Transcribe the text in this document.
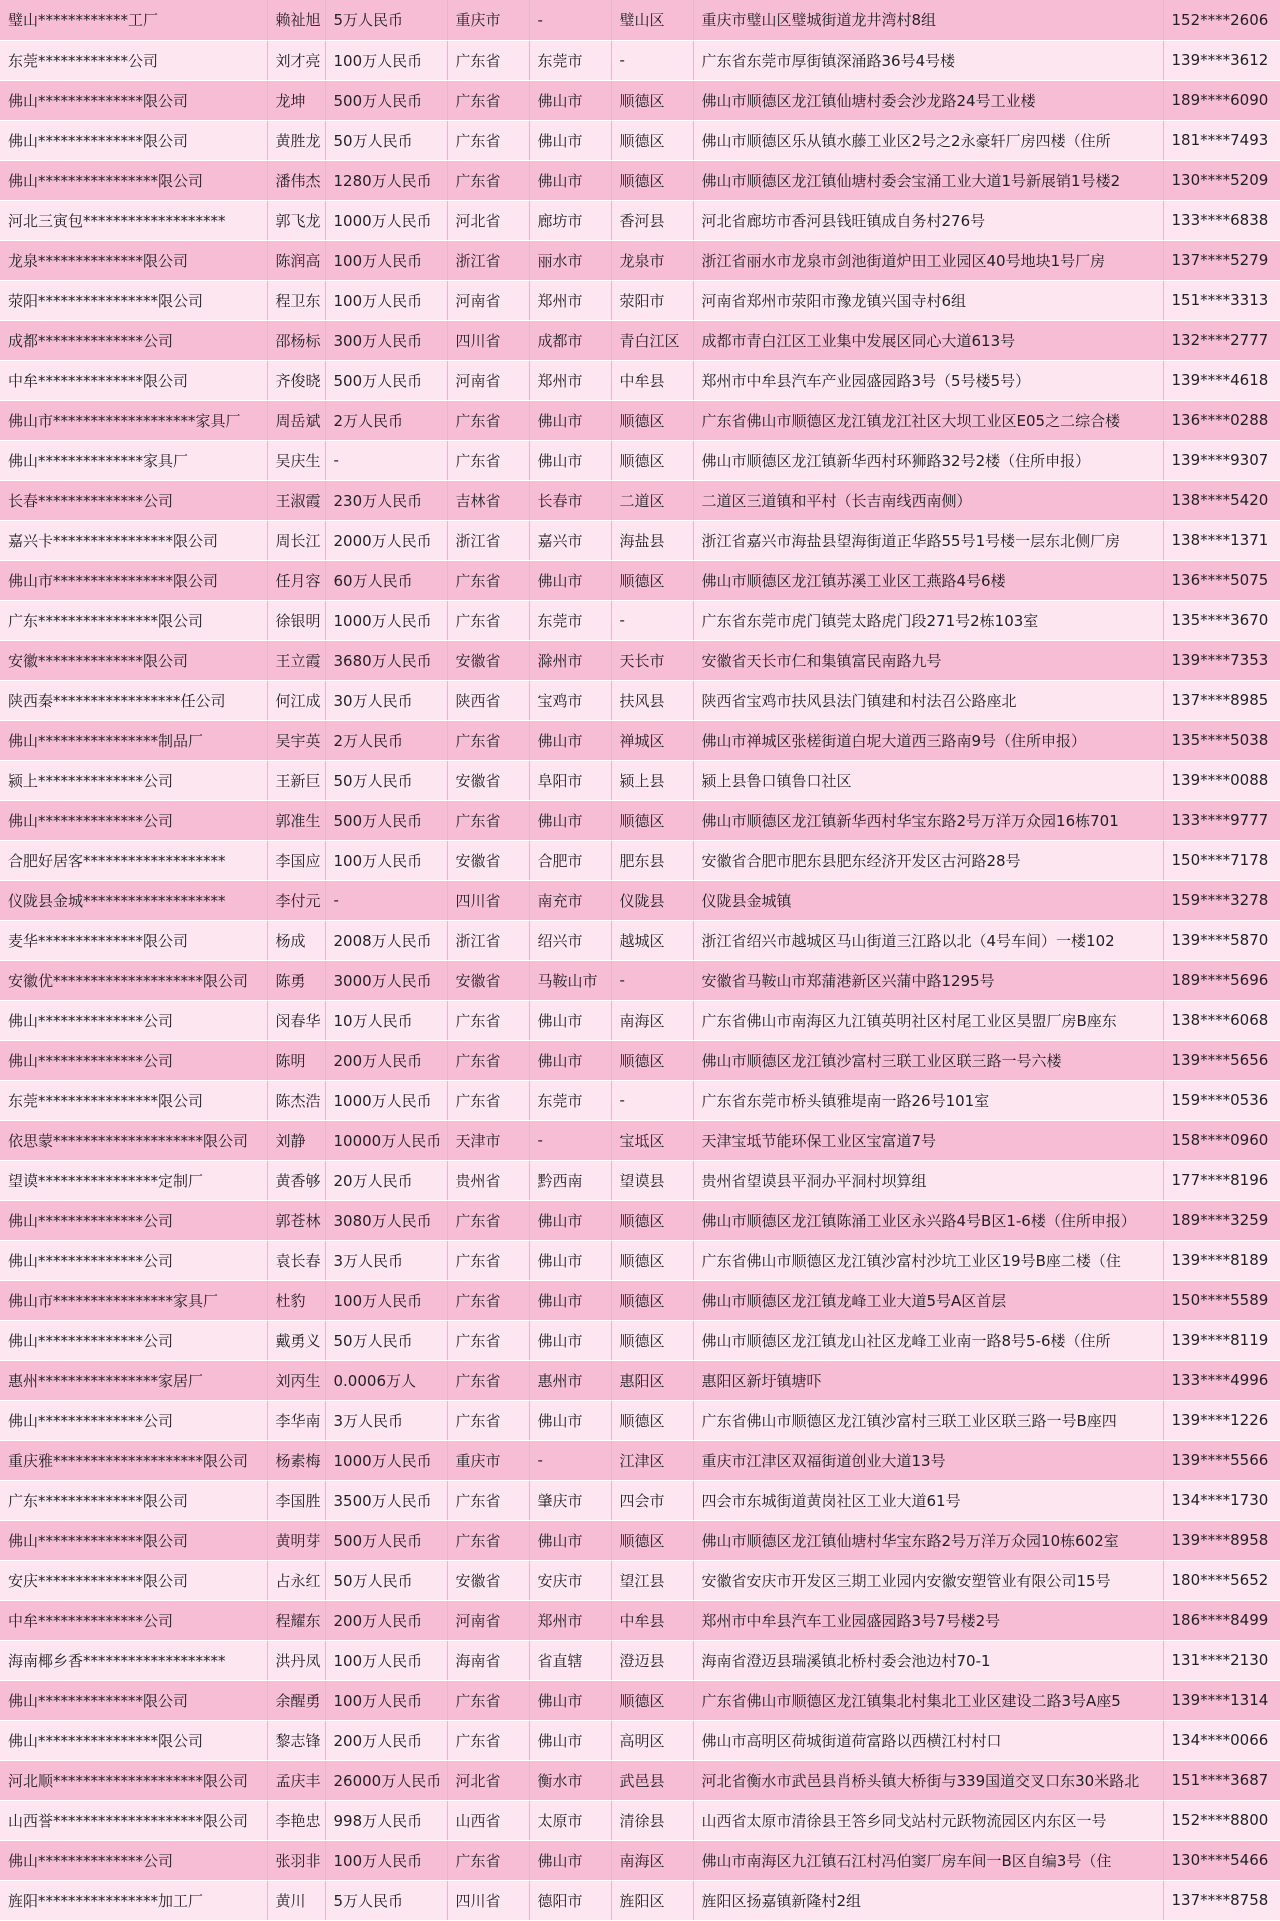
璧山************工厂	赖祉旭	5万人民币	重庆市	-	璧山区	重庆市璧山区璧城街道龙井湾村8组	152****2606
东莞************公司	刘才亮	100万人民币	广东省	东莞市	-	广东省东莞市厚街镇深涌路36号4号楼	139****3612
佛山**************限公司	龙坤	500万人民币	广东省	佛山市	顺德区	佛山市顺德区龙江镇仙塘村委会沙龙路24号工业楼	189****6090
佛山**************限公司	黄胜龙	50万人民币	广东省	佛山市	顺德区	佛山市顺德区乐从镇水藤工业区2号之2永豪轩厂房四楼（住所	181****7493
佛山****************限公司	潘伟杰	1280万人民币	广东省	佛山市	顺德区	佛山市顺德区龙江镇仙塘村委会宝涌工业大道1号新展销1号楼2	130****5209
河北三寅包*******************	郭飞龙	1000万人民币	河北省	廊坊市	香河县	河北省廊坊市香河县钱旺镇成自务村276号	133****6838
龙泉**************限公司	陈润高	100万人民币	浙江省	丽水市	龙泉市	浙江省丽水市龙泉市剑池街道炉田工业园区40号地块1号厂房	137****5279
荥阳****************限公司	程卫东	100万人民币	河南省	郑州市	荥阳市	河南省郑州市荥阳市豫龙镇兴国寺村6组	151****3313
成都**************公司	邵杨标	300万人民币	四川省	成都市	青白江区	成都市青白江区工业集中发展区同心大道613号	132****2777
中牟**************限公司	齐俊晓	500万人民币	河南省	郑州市	中牟县	郑州市中牟县汽车产业园盛园路3号（5号楼5号）	139****4618
佛山市*******************家具厂	周岳斌	2万人民币	广东省	佛山市	顺德区	广东省佛山市顺德区龙江镇龙江社区大坝工业区E05之二综合楼	136****0288
佛山**************家具厂	吴庆生	-	广东省	佛山市	顺德区	佛山市顺德区龙江镇新华西村环狮路32号2楼（住所申报）	139****9307
长春**************公司	王淑霞	230万人民币	吉林省	长春市	二道区	二道区三道镇和平村（长吉南线西南侧）	138****5420
嘉兴卡****************限公司	周长江	2000万人民币	浙江省	嘉兴市	海盐县	浙江省嘉兴市海盐县望海街道正华路55号1号楼一层东北侧厂房	138****1371
佛山市****************限公司	任月容	60万人民币	广东省	佛山市	顺德区	佛山市顺德区龙江镇苏溪工业区工燕路4号6楼	136****5075
广东****************限公司	徐银明	1000万人民币	广东省	东莞市	-	广东省东莞市虎门镇莞太路虎门段271号2栋103室	135****3670
安徽**************限公司	王立霞	3680万人民币	安徽省	滁州市	天长市	安徽省天长市仁和集镇富民南路九号	139****7353
陕西秦*****************任公司	何江成	30万人民币	陕西省	宝鸡市	扶风县	陕西省宝鸡市扶风县法门镇建和村法召公路座北	137****8985
佛山****************制品厂	吴宇英	2万人民币	广东省	佛山市	禅城区	佛山市禅城区张槎街道白坭大道西三路南9号（住所申报）	135****5038
颍上**************公司	王新巨	50万人民币	安徽省	阜阳市	颍上县	颍上县鲁口镇鲁口社区	139****0088
佛山**************公司	郭准生	500万人民币	广东省	佛山市	顺德区	佛山市顺德区龙江镇新华西村华宝东路2号万洋万众园16栋701	133****9777
合肥好居客*******************	李国应	100万人民币	安徽省	合肥市	肥东县	安徽省合肥市肥东县肥东经济开发区古河路28号	150****7178
仪陇县金城*******************	李付元	-	四川省	南充市	仪陇县	仪陇县金城镇	159****3278
麦华**************限公司	杨成	2008万人民币	浙江省	绍兴市	越城区	浙江省绍兴市越城区马山街道三江路以北（4号车间）一楼102	139****5870
安徽优********************限公司	陈勇	3000万人民币	安徽省	马鞍山市	-	安徽省马鞍山市郑蒲港新区兴蒲中路1295号	189****5696
佛山**************公司	闵春华	10万人民币	广东省	佛山市	南海区	广东省佛山市南海区九江镇英明社区村尾工业区昊盟厂房B座东	138****6068
佛山**************公司	陈明	200万人民币	广东省	佛山市	顺德区	佛山市顺德区龙江镇沙富村三联工业区联三路一号六楼	139****5656
东莞****************限公司	陈杰浩	1000万人民币	广东省	东莞市	-	广东省东莞市桥头镇雅堤南一路26号101室	159****0536
依思蒙********************限公司	刘静	10000万人民币	天津市	-	宝坻区	天津宝坻节能环保工业区宝富道7号	158****0960
望谟****************定制厂	黄香够	20万人民币	贵州省	黔西南	望谟县	贵州省望谟县平洞办平洞村坝算组	177****8196
佛山**************公司	郭苍林	3080万人民币	广东省	佛山市	顺德区	佛山市顺德区龙江镇陈涌工业区永兴路4号B区1-6楼（住所申报）	189****3259
佛山**************公司	袁长春	3万人民币	广东省	佛山市	顺德区	广东省佛山市顺德区龙江镇沙富村沙坑工业区19号B座二楼（住	139****8189
佛山市****************家具厂	杜豹	100万人民币	广东省	佛山市	顺德区	佛山市顺德区龙江镇龙峰工业大道5号A区首层	150****5589
佛山**************公司	戴勇义	50万人民币	广东省	佛山市	顺德区	佛山市顺德区龙江镇龙山社区龙峰工业南一路8号5-6楼（住所	139****8119
惠州****************家居厂	刘丙生	0.0006万人	广东省	惠州市	惠阳区	惠阳区新圩镇塘吓	133****4996
佛山**************公司	李华南	3万人民币	广东省	佛山市	顺德区	广东省佛山市顺德区龙江镇沙富村三联工业区联三路一号B座四	139****1226
重庆雅********************限公司	杨素梅	1000万人民币	重庆市	-	江津区	重庆市江津区双福街道创业大道13号	139****5566
广东**************限公司	李国胜	3500万人民币	广东省	肇庆市	四会市	四会市东城街道黄岗社区工业大道61号	134****1730
佛山**************限公司	黄明芽	500万人民币	广东省	佛山市	顺德区	佛山市顺德区龙江镇仙塘村华宝东路2号万洋万众园10栋602室	139****8958
安庆**************限公司	占永红	50万人民币	安徽省	安庆市	望江县	安徽省安庆市开发区三期工业园内安徽安塑管业有限公司15号	180****5652
中牟**************公司	程耀东	200万人民币	河南省	郑州市	中牟县	郑州市中牟县汽车工业园盛园路3号7号楼2号	186****8499
海南椰乡香*******************	洪丹凤	100万人民币	海南省	省直辖	澄迈县	海南省澄迈县瑞溪镇北桥村委会池边村70-1	131****2130
佛山**************限公司	余醒勇	100万人民币	广东省	佛山市	顺德区	广东省佛山市顺德区龙江镇集北村集北工业区建设二路3号A座5	139****1314
佛山****************限公司	黎志锋	200万人民币	广东省	佛山市	高明区	佛山市高明区荷城街道荷富路以西横江村村口	134****0066
河北顺********************限公司	孟庆丰	26000万人民币	河北省	衡水市	武邑县	河北省衡水市武邑县肖桥头镇大桥街与339国道交叉口东30米路北	151****3687
山西誉********************限公司	李艳忠	998万人民币	山西省	太原市	清徐县	山西省太原市清徐县王答乡同戈站村元跃物流园区内东区一号	152****8800
佛山**************公司	张羽非	100万人民币	广东省	佛山市	南海区	佛山市南海区九江镇石江村冯伯窦厂房车间一B区自编3号（住	130****5466
旌阳****************加工厂	黄川	5万人民币	四川省	德阳市	旌阳区	旌阳区扬嘉镇新隆村2组	137****8758
